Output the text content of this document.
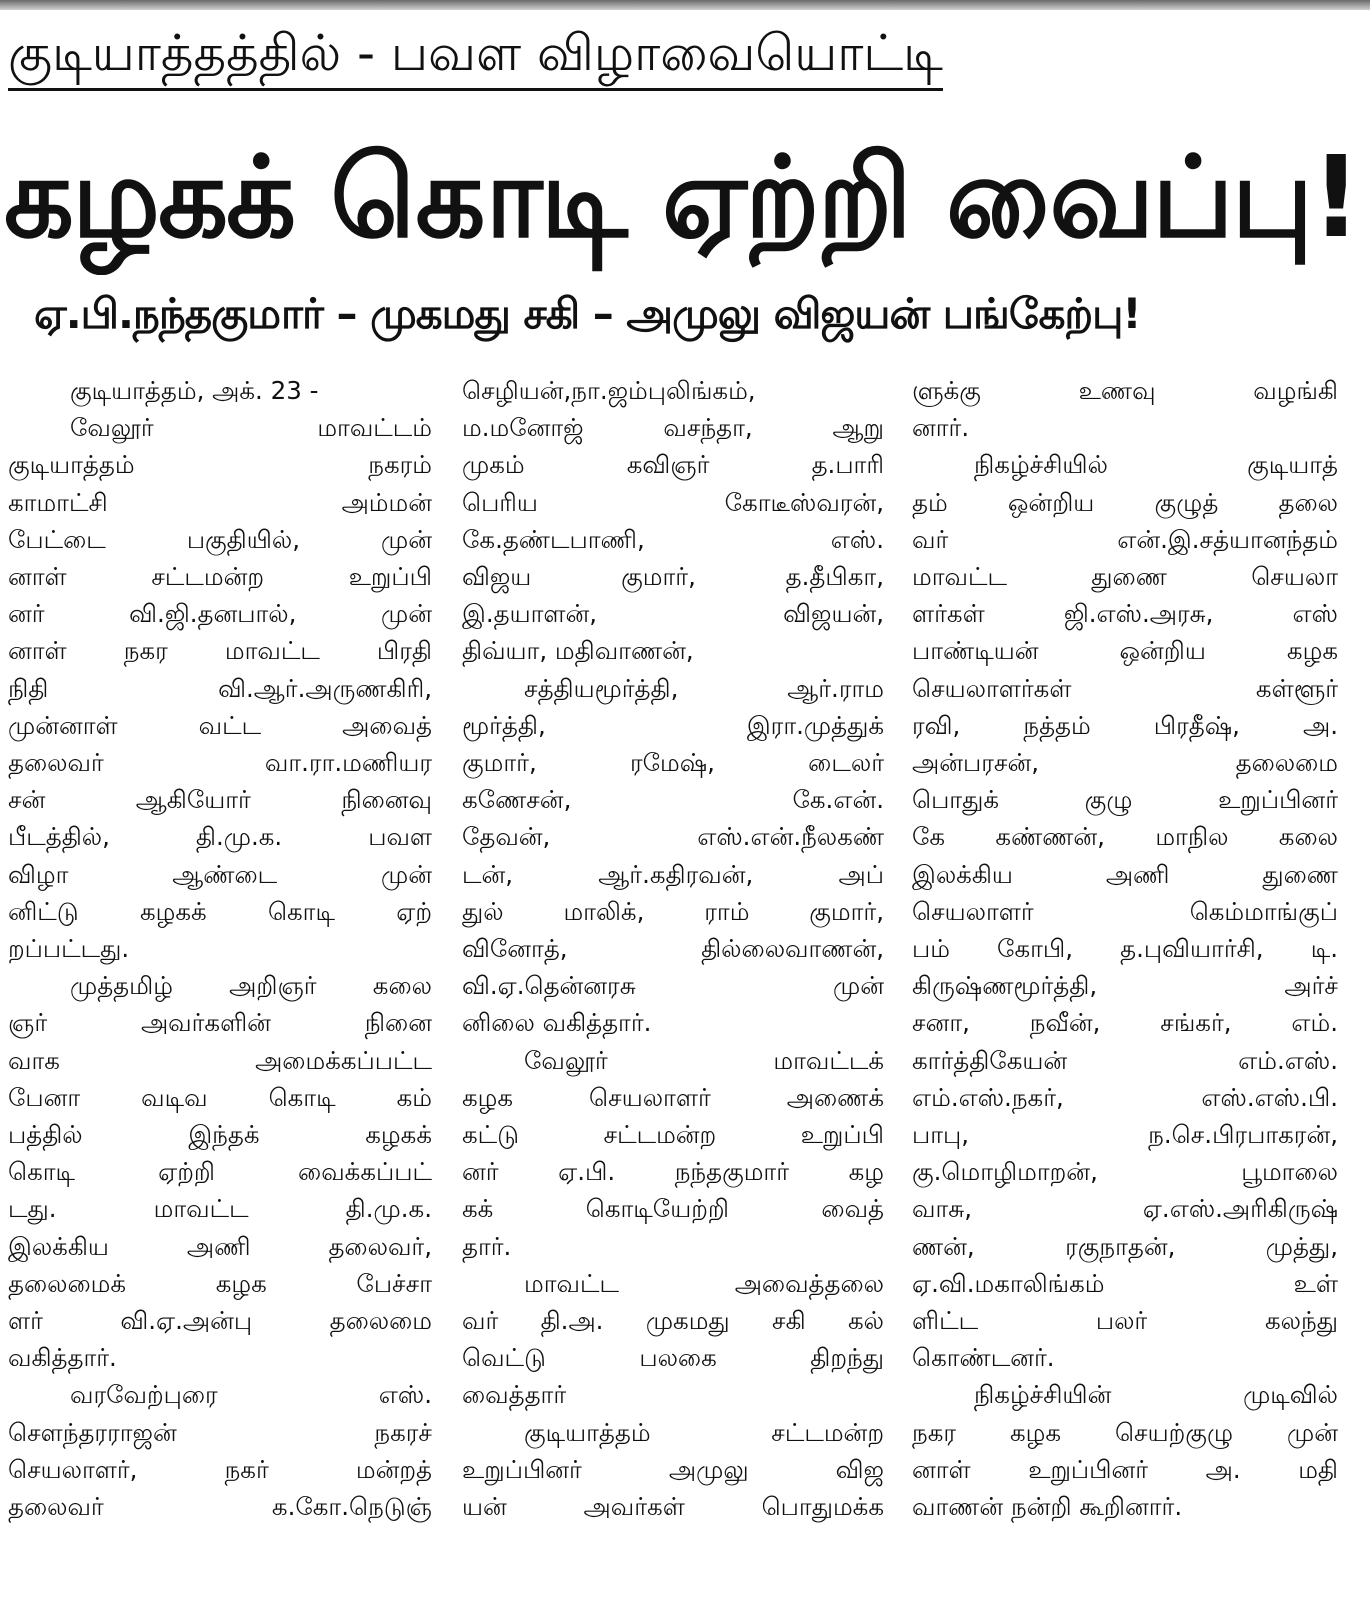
குடியாத்தத்தில் - பவள விழாவையொட்டி
கழகக் கொடி ஏற்றி வைப்பு!
ஏ.பி.நந்தகுமார் – முகமது சகி – அமுலு விஜயன் பங்கேற்பு!
குடியாத்தம், அக். 23 -
வேலூர் மாவட்டம்
குடியாத்தம் நகரம்
காமாட்சி அம்மன்
பேட்டை பகுதியில், முன்
னாள் சட்டமன்ற உறுப்பி
னர் வி.ஜி.தனபால், முன்
னாள் நகர மாவட்ட பிரதி
நிதி வி.ஆர்.அருணகிரி,
முன்னாள் வட்ட அவைத்
தலைவர் வா.ரா.மணியர
சன் ஆகியோர் நினைவு
பீடத்தில், தி.மு.க. பவள
விழா ஆண்டை முன்
னிட்டு கழகக் கொடி ஏற்
றப்பட்டது.
முத்தமிழ் அறிஞர் கலை
ஞர் அவர்களின் நினை
வாக அமைக்கப்பட்ட
பேனா வடிவ கொடி கம்
பத்தில் இந்தக் கழகக்
கொடி ஏற்றி வைக்கப்பட்
டது. மாவட்ட தி.மு.க.
இலக்கிய அணி தலைவர்,
தலைமைக் கழக பேச்சா
ளர் வி.ஏ.அன்பு தலைமை
வகித்தார்.
வரவேற்புரை எஸ்.
சௌந்தரராஜன் நகரச்
செயலாளர், நகர் மன்றத்
தலைவர் க.கோ.நெடுஞ்
செழியன்,நா.ஜம்புலிங்கம்,
ம.மனோஜ் வசந்தா, ஆறு
முகம் கவிஞர் த.பாரி
பெரிய கோடீஸ்வரன்,
கே.தண்டபாணி, எஸ்.
விஜய குமார், த.தீபிகா,
இ.தயாளன், விஜயன்,
திவ்யா, மதிவாணன்,
சத்தியமூர்த்தி, ஆர்.ராம
மூர்த்தி, இரா.முத்துக்
குமார், ரமேஷ், டைலர்
கணேசன், கே.என்.
தேவன், எஸ்.என்.நீலகண்
டன், ஆர்.கதிரவன், அப்
துல் மாலிக், ராம் குமார்,
வினோத், தில்லைவாணன்,
வி.ஏ.தென்னரசு முன்
னிலை வகித்தார்.
வேலூர் மாவட்டக்
கழக செயலாளர் அணைக்
கட்டு சட்டமன்ற உறுப்பி
னர் ஏ.பி. நந்தகுமார் கழ
கக் கொடியேற்றி வைத்
தார்.
மாவட்ட அவைத்தலை
வர் தி.அ. முகமது சகி கல்
வெட்டு பலகை திறந்து
வைத்தார்
குடியாத்தம் சட்டமன்ற
உறுப்பினர் அமுலு விஜ
யன் அவர்கள் பொதுமக்க
ளுக்கு உணவு வழங்கி
னார்.
நிகழ்ச்சியில் குடியாத்
தம் ஒன்றிய குழுத் தலை
வர் என்.இ.சத்யானந்தம்
மாவட்ட துணை செயலா
ளர்கள் ஜி.எஸ்.அரசு, எஸ்
பாண்டியன் ஒன்றிய கழக
செயலாளர்கள் கள்ளூர்
ரவி, நத்தம் பிரதீஷ், அ.
அன்பரசன், தலைமை
பொதுக் குழு உறுப்பினர்
கே கண்ணன், மாநில கலை
இலக்கிய அணி துணை
செயலாளர் கெம்மாங்குப்
பம் கோபி, த.புவியார்சி, டி.
கிருஷ்ணமூர்த்தி, அர்ச்
சனா, நவீன், சங்கர், எம்.
கார்த்திகேயன் எம்.எஸ்.
எம்.எஸ்.நகர், எஸ்.எஸ்.பி.
பாபு, ந.செ.பிரபாகரன்,
கு.மொழிமாறன், பூமாலை
வாசு, ஏ.எஸ்.அரிகிருஷ்
ணன், ரகுநாதன், முத்து,
ஏ.வி.மகாலிங்கம் உள்
ளிட்ட பலர் கலந்து
கொண்டனர்.
நிகழ்ச்சியின் முடிவில்
நகர கழக செயற்குழு முன்
னாள் உறுப்பினர் அ. மதி
வாணன் நன்றி கூறினார்.
